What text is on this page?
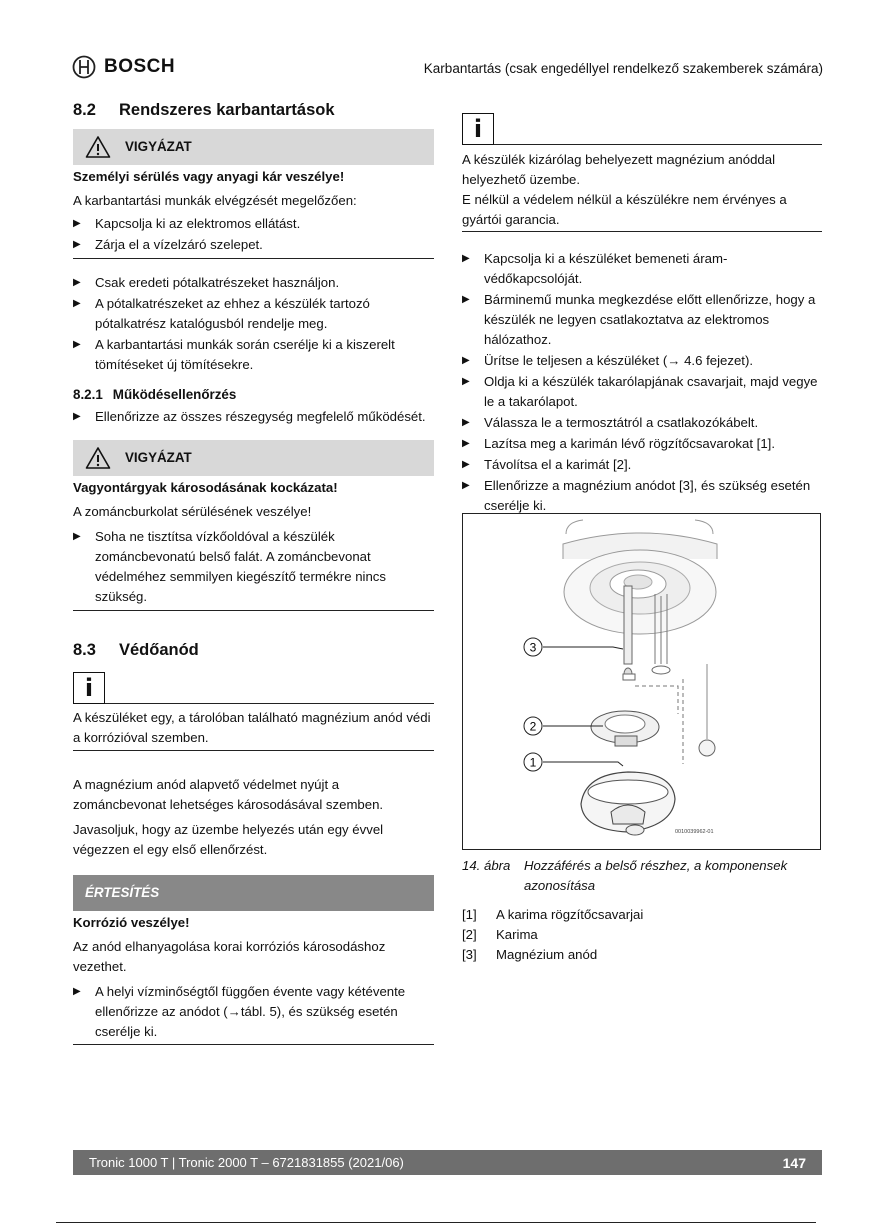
BOSCH	Karbantartás (csak engedéllyel rendelkező szakemberek számára)
8.2	Rendszeres karbantartások
VIGYÁZAT

Személyi sérülés vagy anyagi kár veszélye!

A karbantartási munkák elvégzését megelőzően:

▶ Kapcsolja ki az elektromos ellátást.
▶ Zárja el a vízelzáró szelepet.
▶ Csak eredeti pótalkatrészeket használjon.
▶ A pótalkatrészeket az ehhez a készülék tartozó pótalkatrész katalógusból rendelje meg.
▶ A karbantartási munkák során cserélje ki a kiszerelt tömítéseket új tömítésekre.
8.2.1 Működésellenőrzés
▶ Ellenőrizze az összes részegység megfelelő működését.
VIGYÁZAT

Vagyontárgyak károsodásának kockázata!

A zománcburkolat sérülésének veszélye!

▶ Soha ne tisztítsa vízkőoldóval a készülék zománcbevonatú belső falát. A zománcbevonat védelméhez semmilyen kiegészítő termékre nincs szükség.
8.3	Védőanód
i

A készüléket egy, a tárolóban található magnézium anód védi a korrózióval szemben.

A magnézium anód alapvető védelmet nyújt a zománcbevonat lehetséges károsodásával szemben.

Javasoljuk, hogy az üzembe helyezés után egy évvel végezzen el egy első ellenőrzést.

ÉRTESÍTÉS

Korrózió veszélye!

Az anód elhanyagolása korai korróziós károsodáshoz vezethet.

▶ A helyi vízminőségtől függően évente vagy kétévente ellenőrizze az anódot (→tábl. 5), és szükség esetén cserélje ki.
i

A készülék kizárólag behelyezett magnézium anóddal helyezhető üzembe.

E nélkül a védelem nélkül a készülékre nem érvényes a gyártói garancia.

▶ Kapcsolja ki a készüléket bemeneti áram-védőkapcsolóját.
▶ Bárminemű munka megkezdése előtt ellenőrizze, hogy a készülék ne legyen csatlakoztatva az elektromos hálózathoz.
▶ Ürítse le teljesen a készüléket (→ 4.6 fejezet).
▶ Oldja ki a készülék takarólapjának csavarjait, majd vegye le a takarólapot.
▶ Válassza le a termosztátról a csatlakozókábelt.
▶ Lazítsa meg a karimán lévő rögzítőcsavarokat [1].
▶ Távolítsa el a karimát [2].
▶ Ellenőrizze a magnézium anódot [3], és szükség esetén cserélje ki.
3
2
1
0010039962-01
14. ábra	Hozzáférés a belső részhez, a komponensek azonosítása
[1]	A karima rögzítőcsavarjai
[2]	Karima
[3]	Magnézium anód
Tronic 1000 T | Tronic 2000 T – 6721831855 (2021/06)	147
